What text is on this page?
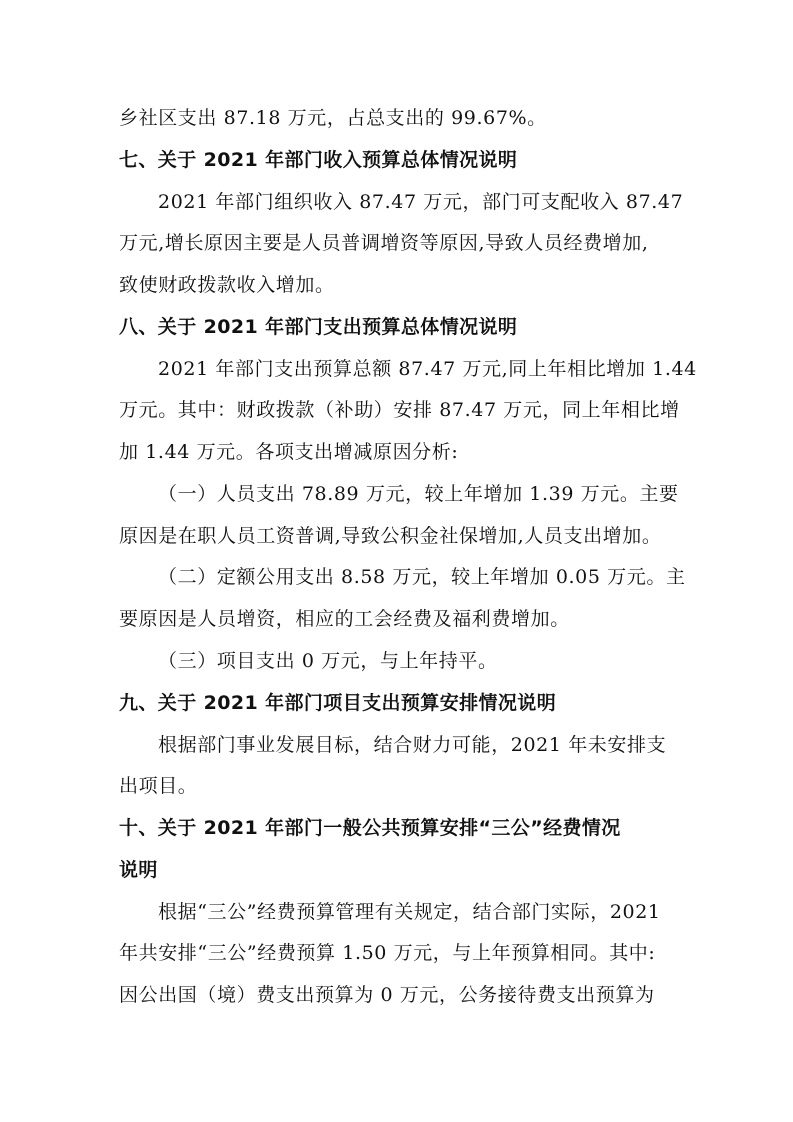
乡社区支出 87.18 万元，占总支出的 99.67%。
七、关于 2021 年部门收入预算总体情况说明
2021 年部门组织收入 87.47 万元，部门可支配收入 87.47
万元,增长原因主要是人员普调增资等原因,导致人员经费增加,
致使财政拨款收入增加。
八、关于 2021 年部门支出预算总体情况说明
2021 年部门支出预算总额 87.47 万元,同上年相比增加 1.44
万元。其中：财政拨款（补助）安排 87.47 万元，同上年相比增
加 1.44 万元。各项支出增减原因分析:
（一）人员支出 78.89 万元，较上年增加 1.39 万元。主要
原因是在职人员工资普调,导致公积金社保增加,人员支出增加。
（二）定额公用支出 8.58 万元，较上年增加 0.05 万元。主
要原因是人员增资，相应的工会经费及福利费增加。
（三）项目支出 0 万元，与上年持平。
九、关于 2021 年部门项目支出预算安排情况说明
根据部门事业发展目标，结合财力可能，2021 年未安排支
出项目。
十、关于 2021 年部门一般公共预算安排“三公”经费情况
说明
根据“三公”经费预算管理有关规定，结合部门实际，2021
年共安排“三公”经费预算 1.50 万元，与上年预算相同。其中:
因公出国（境）费支出预算为 0 万元，公务接待费支出预算为
